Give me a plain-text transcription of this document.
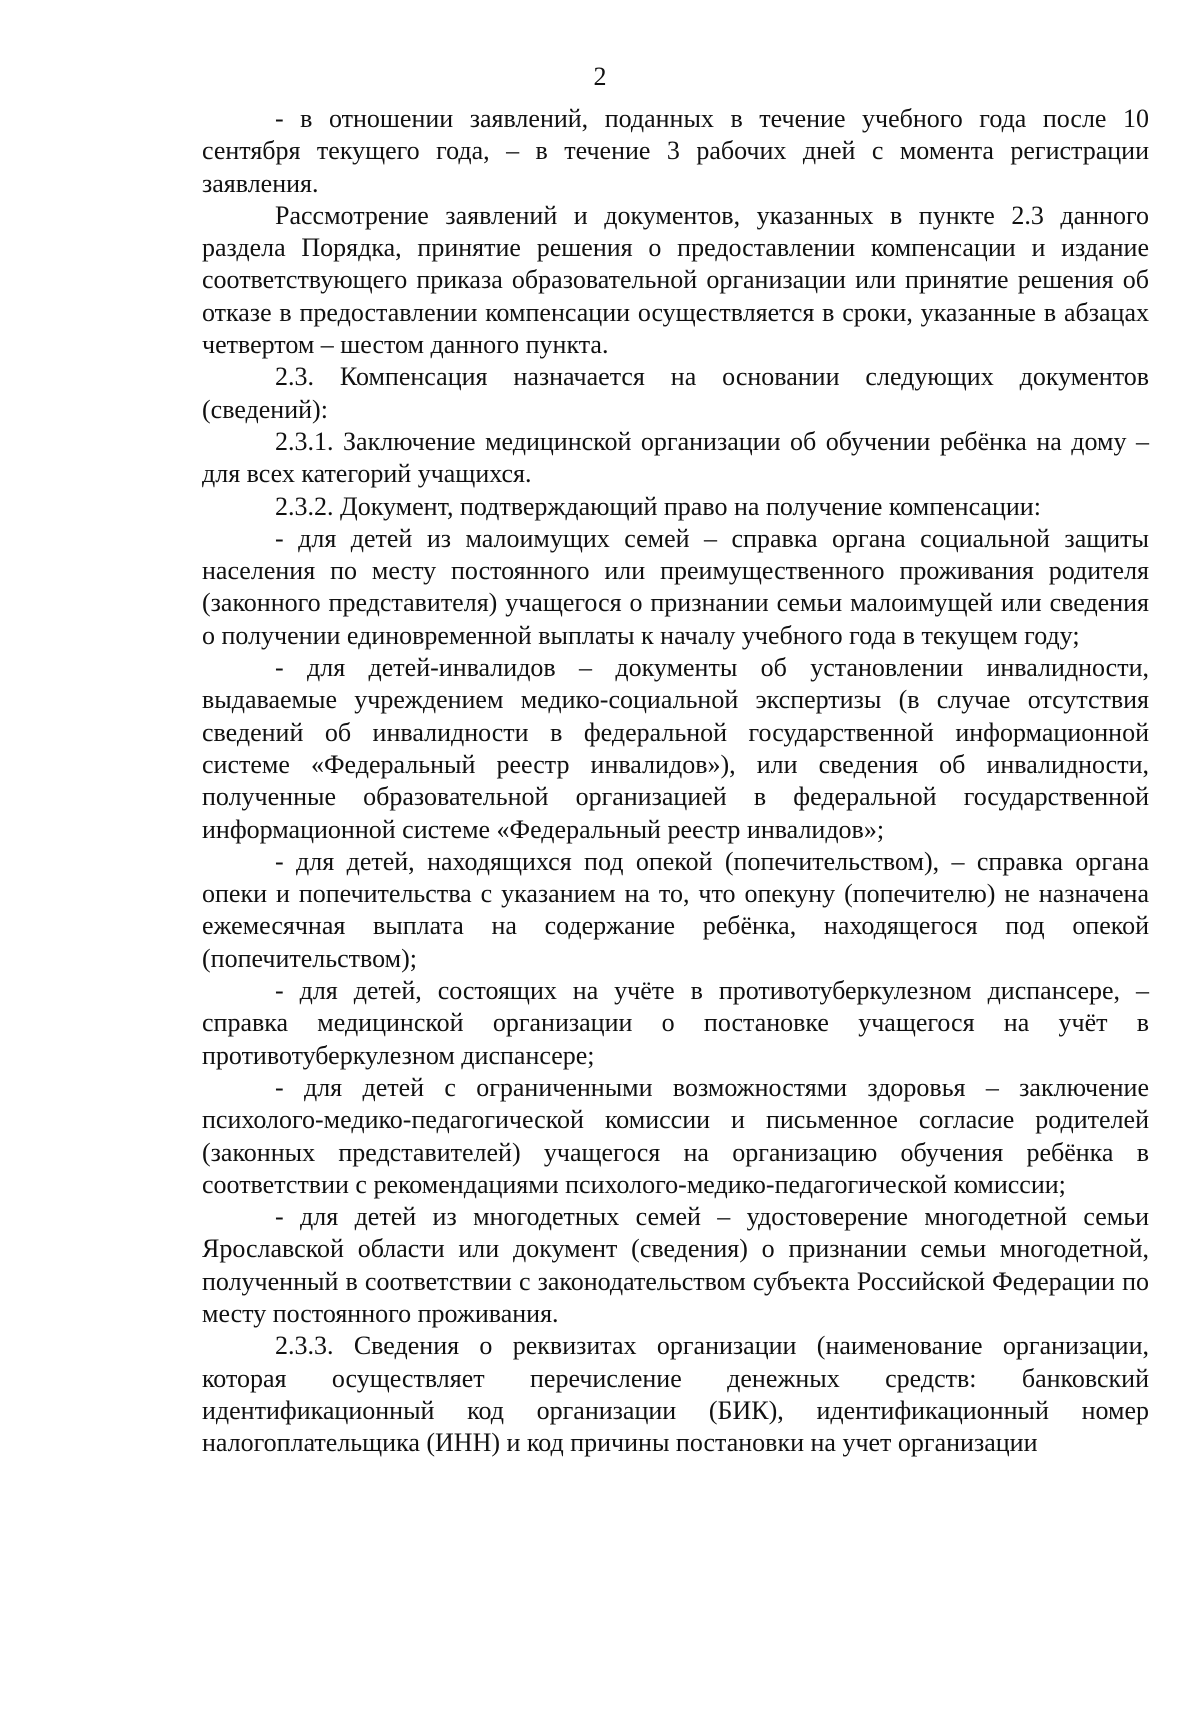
2

- в отношении заявлений, поданных в течение учебного года после 10 сентября текущего года, – в течение 3 рабочих дней с момента регистрации заявления.

Рассмотрение заявлений и документов, указанных в пункте 2.3 данного раздела Порядка, принятие решения о предоставлении компенсации и издание соответствующего приказа образовательной организации или принятие решения об отказе в предоставлении компенсации осуществляется в сроки, указанные в абзацах четвертом – шестом данного пункта.

2.3. Компенсация назначается на основании следующих документов (сведений):

2.3.1. Заключение медицинской организации об обучении ребёнка на дому – для всех категорий учащихся.

2.3.2. Документ, подтверждающий право на получение компенсации:

- для детей из малоимущих семей – справка органа социальной защиты населения по месту постоянного или преимущественного проживания родителя (законного представителя) учащегося о признании семьи малоимущей или сведения о получении единовременной выплаты к началу учебного года в текущем году;

- для детей-инвалидов – документы об установлении инвалидности, выдаваемые учреждением медико-социальной экспертизы (в случае отсутствия сведений об инвалидности в федеральной государственной информационной системе «Федеральный реестр инвалидов»), или сведения об инвалидности, полученные образовательной организацией в федеральной государственной информационной системе «Федеральный реестр инвалидов»;

- для детей, находящихся под опекой (попечительством), – справка органа опеки и попечительства с указанием на то, что опекуну (попечителю) не назначена ежемесячная выплата на содержание ребёнка, находящегося под опекой (попечительством);

- для детей, состоящих на учёте в противотуберкулезном диспансере, – справка медицинской организации о постановке учащегося на учёт в противотуберкулезном диспансере;

- для детей с ограниченными возможностями здоровья – заключение психолого-медико-педагогической комиссии и письменное согласие родителей (законных представителей) учащегося на организацию обучения ребёнка в соответствии с рекомендациями психолого-медико-педагогической комиссии;

- для детей из многодетных семей – удостоверение многодетной семьи Ярославской области или документ (сведения) о признании семьи многодетной, полученный в соответствии с законодательством субъекта Российской Федерации по месту постоянного проживания.

2.3.3. Сведения о реквизитах организации (наименование организации, которая осуществляет перечисление денежных средств: банковский идентификационный код организации (БИК), идентификационный номер налогоплательщика (ИНН) и код причины постановки на учет организации
